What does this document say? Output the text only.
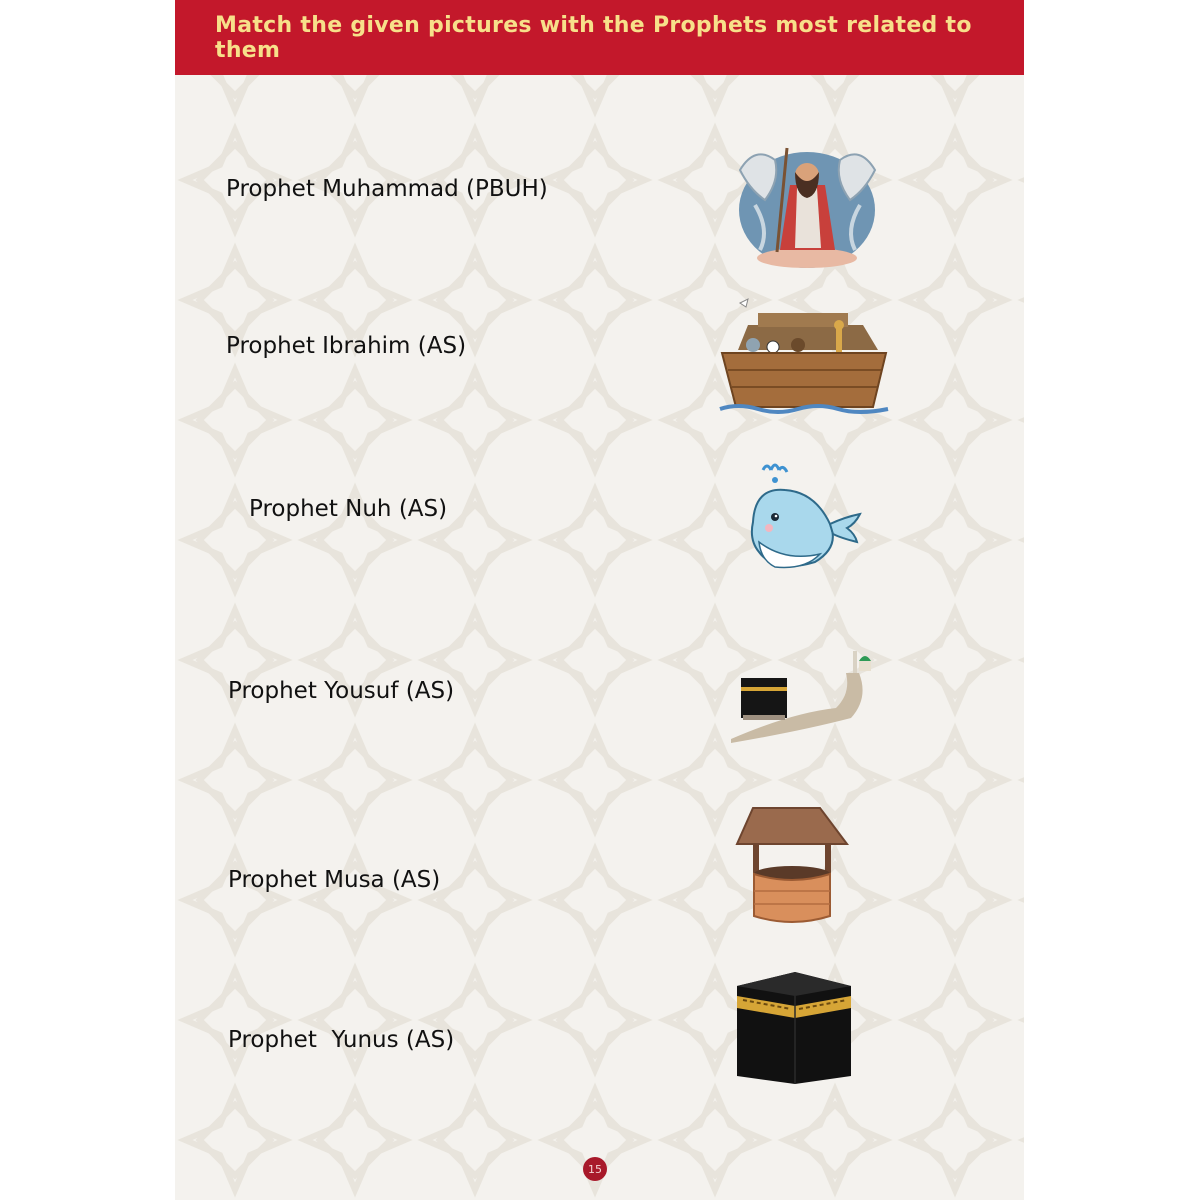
Match the given pictures with the Prophets most related to them
Prophet Muhammad (PBUH)
Prophet Ibrahim (AS)
Prophet Nuh (AS)
Prophet Yousuf (AS)
Prophet Musa (AS)
Prophet  Yunus (AS)
15
